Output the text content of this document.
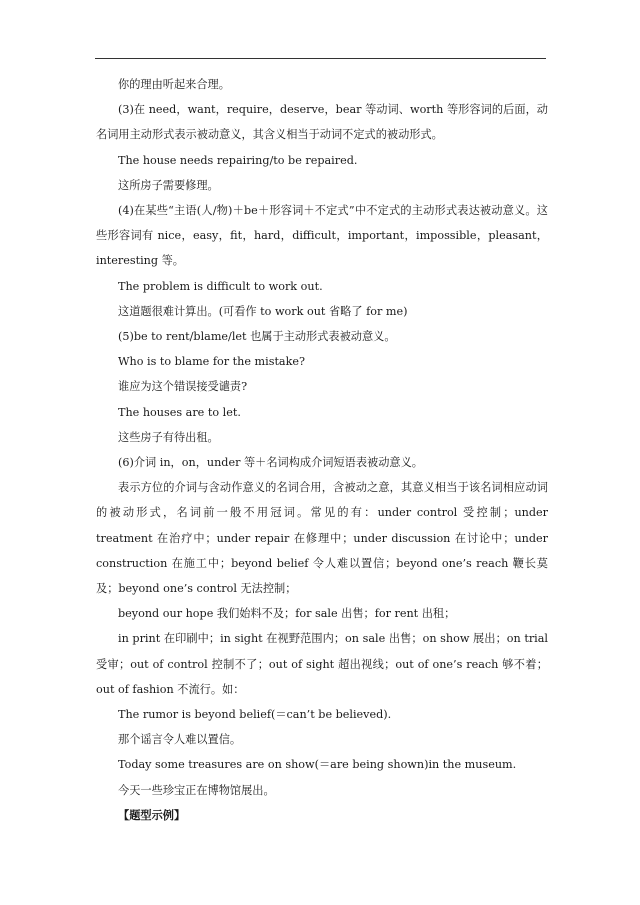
你的理由听起来合理。

(3)在 need，want，require，deserve，bear 等动词、worth 等形容词的后面，动名词用主动形式表示被动意义，其含义相当于动词不定式的被动形式。

The house needs repairing/to be repaired.

这所房子需要修理。

(4)在某些“主语(人/物)＋be＋形容词＋不定式”中不定式的主动形式表达被动意义。这些形容词有 nice，easy，fit，hard，difficult，important，impossible，pleasant，interesting 等。

The problem is difficult to work out.

这道题很难计算出。(可看作 to work out 省略了 for me)

(5)be to rent/blame/let 也属于主动形式表被动意义。

Who is to blame for the mistake?

谁应为这个错误接受谴责?

The houses are to let.

这些房子有待出租。

(6)介词 in，on，under 等＋名词构成介词短语表被动意义。

表示方位的介词与含动作意义的名词合用，含被动之意，其意义相当于该名词相应动词的被动形式，名词前一般不用冠词。常见的有：under control 受控制；under treatment 在治疗中；under repair 在修理中；under discussion 在讨论中；under construction 在施工中；beyond belief 令人难以置信；beyond one’s reach 鞭长莫及；beyond one’s control 无法控制；

beyond our hope 我们始料不及；for sale 出售；for rent 出租；

in print 在印刷中；in sight 在视野范围内；on sale 出售；on show 展出；on trial 受审；out of control 控制不了；out of sight 超出视线；out of one’s reach 够不着；out of fashion 不流行。如：

The rumor is beyond belief(＝can’t be believed).

那个谣言令人难以置信。

Today some treasures are on show(＝are being shown)in the museum.

今天一些珍宝正在博物馆展出。

【题型示例】
